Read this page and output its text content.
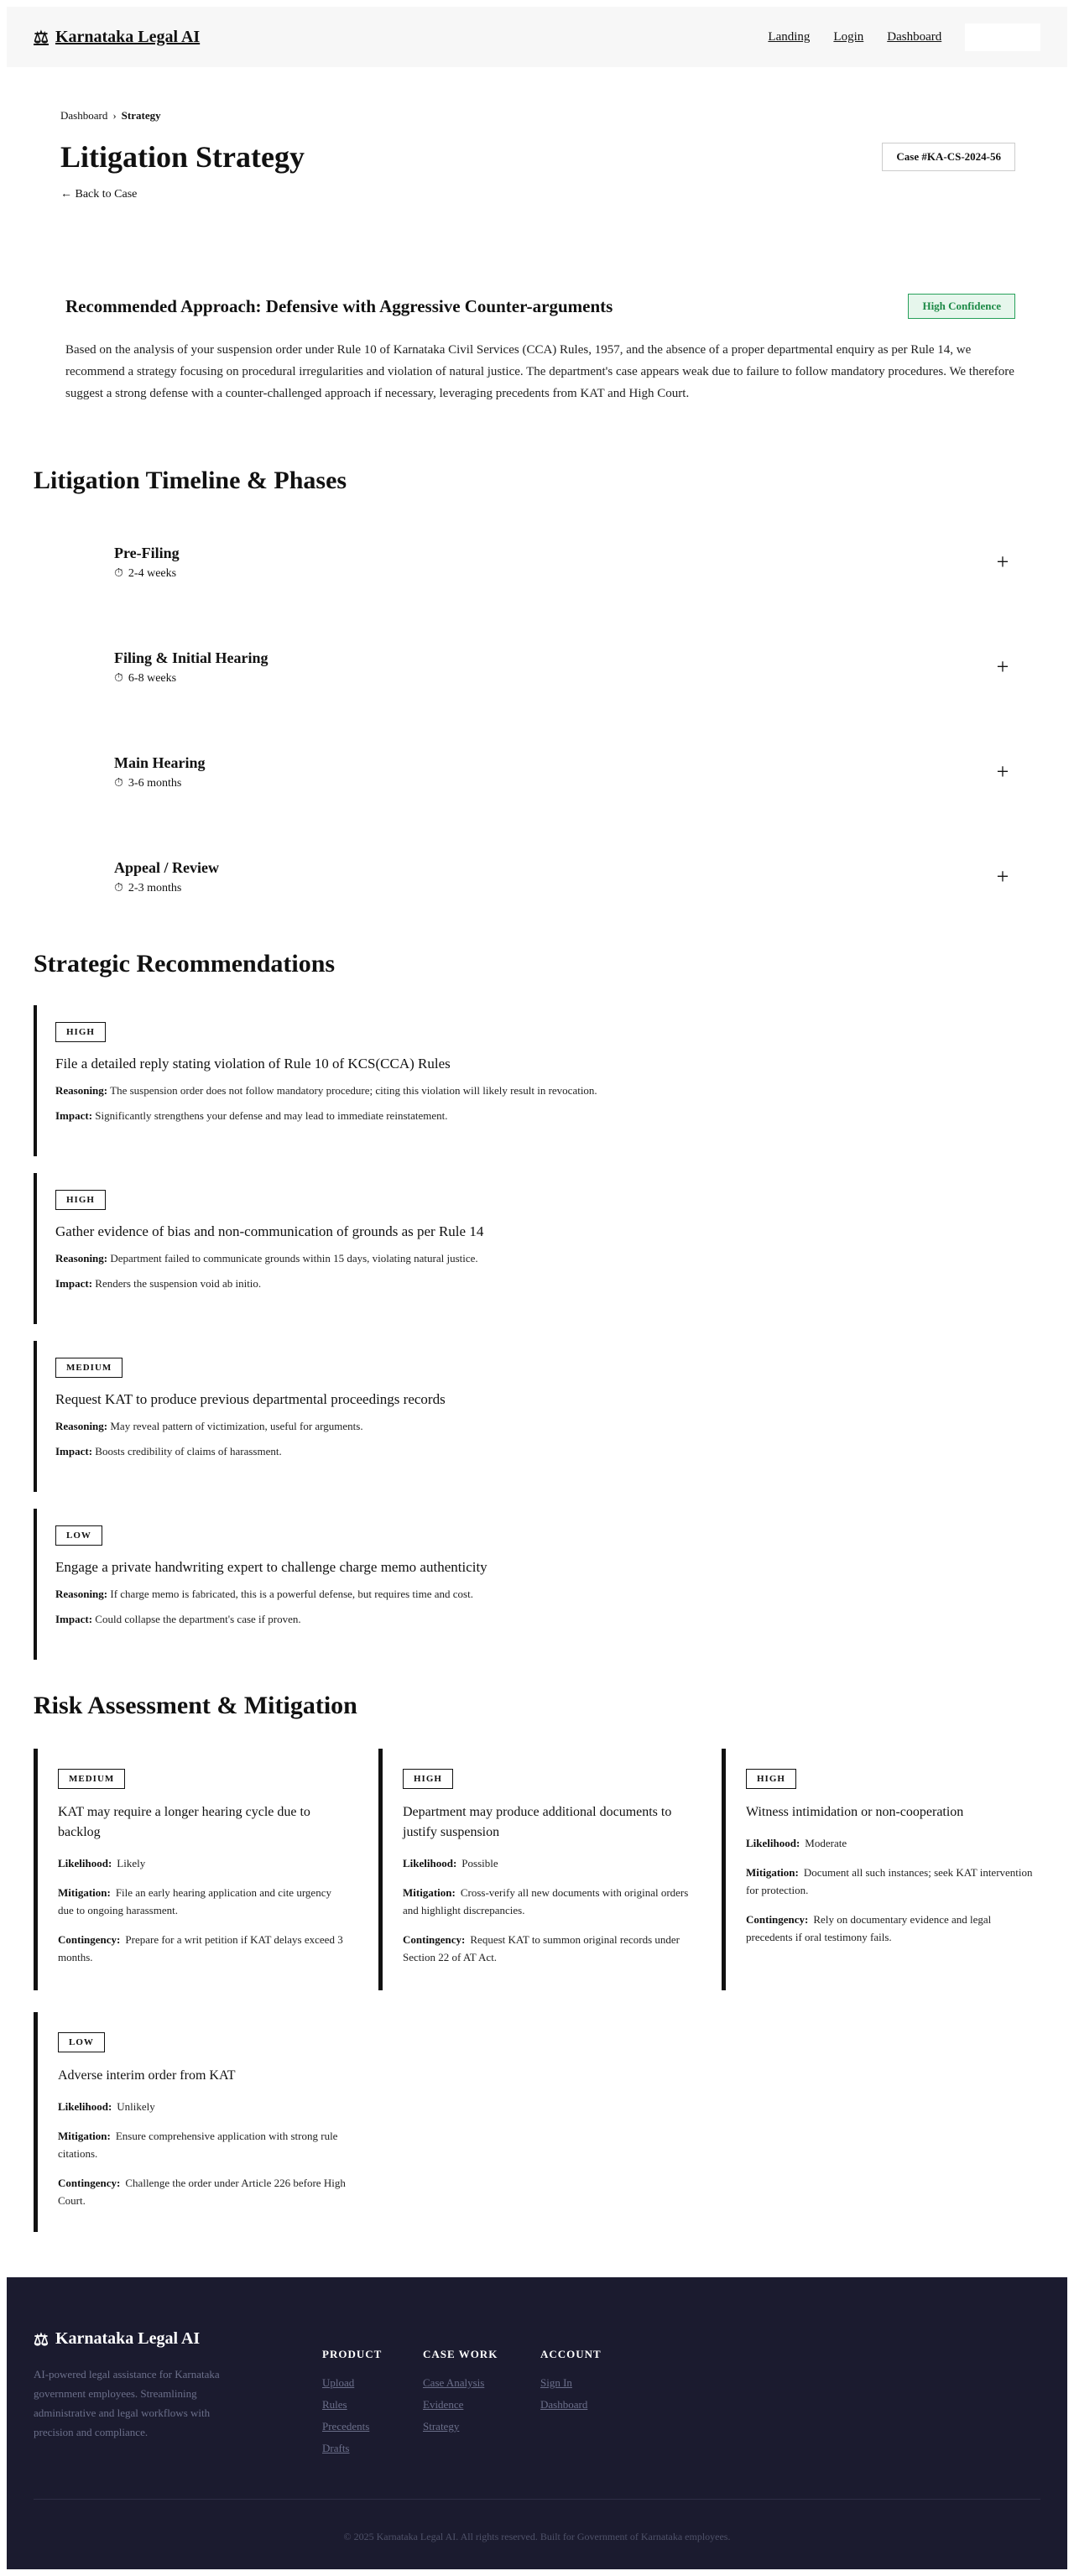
⚖ Karnataka Legal AI	Landing Login Dashboard	Sign Out
Dashboard › Strategy
Litigation Strategy	Case #KA-CS-2024-56
← Back to Case
Recommended Approach: Defensive with Aggressive Counter-arguments	High Confidence

Based on the analysis of your suspension order under Rule 10 of Karnataka Civil Services (CCA) Rules, 1957, and the absence of a proper departmental enquiry as per Rule 14, we recommend a strategy focusing on procedural irregularities and violation of natural justice. The department's case appears weak due to failure to follow mandatory procedures. We therefore suggest a strong defense with a counter-challenged approach if necessary, leveraging precedents from KAT and High Court.

Litigation Timeline & Phases
Pre-Filing
⏱ 2-4 weeks	+
Filing & Initial Hearing
⏱ 6-8 weeks	+
Main Hearing
⏱ 3-6 months	+
Appeal / Review
⏱ 2-3 months	+
Strategic Recommendations
HIGH
File a detailed reply stating violation of Rule 10 of KCS(CCA) Rules
Reasoning: The suspension order does not follow mandatory procedure; citing this violation will likely result in revocation.
Impact: Significantly strengthens your defense and may lead to immediate reinstatement.
HIGH
Gather evidence of bias and non-communication of grounds as per Rule 14
Reasoning: Department failed to communicate grounds within 15 days, violating natural justice.
Impact: Renders the suspension void ab initio.
MEDIUM
Request KAT to produce previous departmental proceedings records
Reasoning: May reveal pattern of victimization, useful for arguments.
Impact: Boosts credibility of claims of harassment.
LOW
Engage a private handwriting expert to challenge charge memo authenticity
Reasoning: If charge memo is fabricated, this is a powerful defense, but requires time and cost.
Impact: Could collapse the department's case if proven.
Risk Assessment & Mitigation
MEDIUM
KAT may require a longer hearing cycle due to backlog
Likelihood: Likely
Mitigation: File an early hearing application and cite urgency due to ongoing harassment.
Contingency: Prepare for a writ petition if KAT delays exceed 3 months.
HIGH
Department may produce additional documents to justify suspension
Likelihood: Possible
Mitigation: Cross-verify all new documents with original orders and highlight discrepancies.
Contingency: Request KAT to summon original records under Section 22 of AT Act.
HIGH
Witness intimidation or non-cooperation
Likelihood: Moderate
Mitigation: Document all such instances; seek KAT intervention for protection.
Contingency: Rely on documentary evidence and legal precedents if oral testimony fails.
LOW
Adverse interim order from KAT
Likelihood: Unlikely
Mitigation: Ensure comprehensive application with strong rule citations.
Contingency: Challenge the order under Article 226 before High Court.
⚖ Karnataka Legal AI

AI-powered legal assistance for Karnataka government employees. Streamlining administrative and legal workflows with precision and compliance.

PRODUCT
Upload
Rules
Precedents
Drafts
CASE WORK
Case Analysis
Evidence
Strategy
ACCOUNT
Sign In
Dashboard
© 2025 Karnataka Legal AI. All rights reserved. Built for Government of Karnataka employees.
